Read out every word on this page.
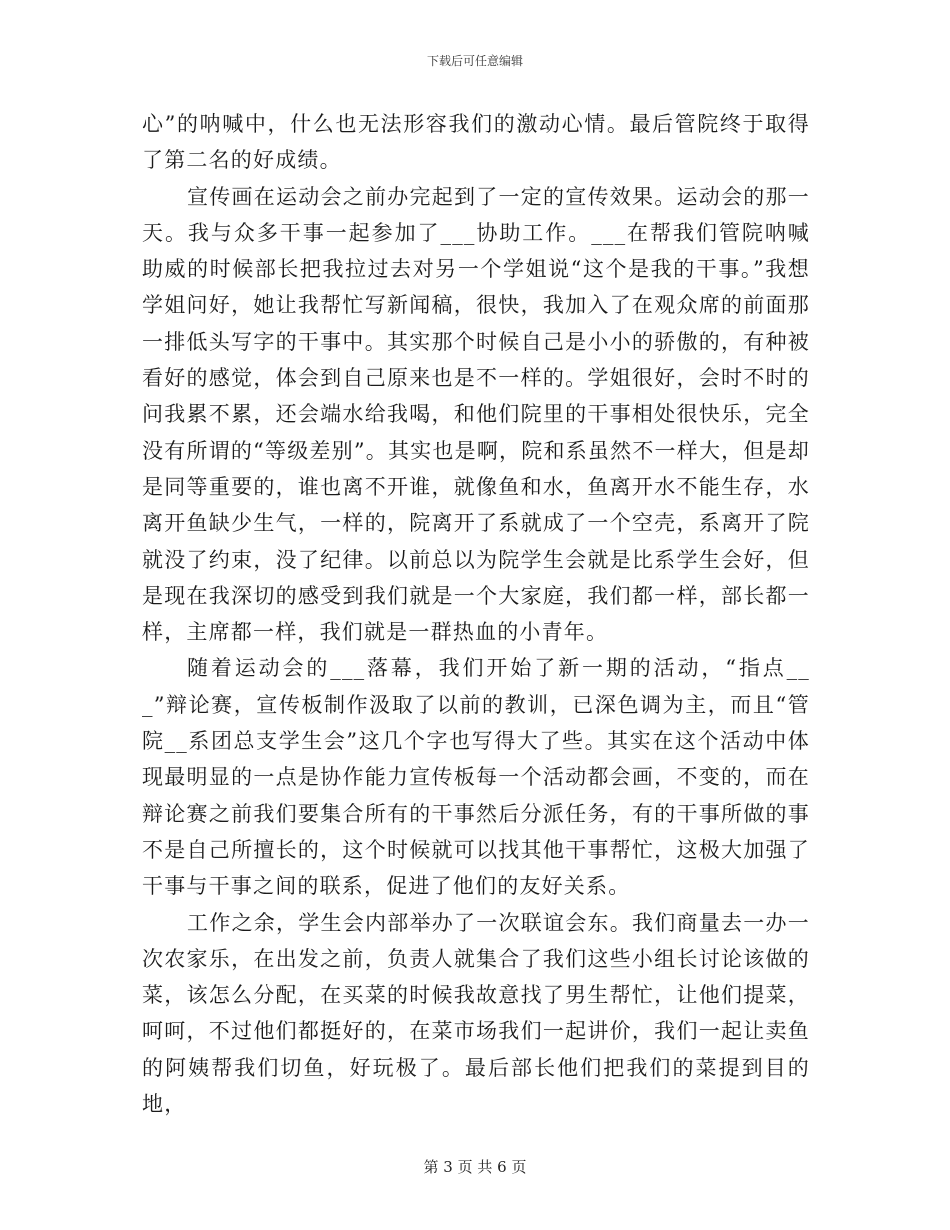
下载后可任意编辑

心”的呐喊中，什么也无法形容我们的激动心情。最后管院终于取得了第二名的好成绩。

宣传画在运动会之前办完起到了一定的宣传效果。运动会的那一天。我与众多干事一起参加了___协助工作。___在帮我们管院呐喊助威的时候部长把我拉过去对另一个学姐说“这个是我的干事。”我想学姐问好，她让我帮忙写新闻稿，很快，我加入了在观众席的前面那一排低头写字的干事中。其实那个时候自己是小小的骄傲的，有种被看好的感觉，体会到自己原来也是不一样的。学姐很好，会时不时的问我累不累，还会端水给我喝，和他们院里的干事相处很快乐，完全没有所谓的“等级差别”。其实也是啊，院和系虽然不一样大，但是却是同等重要的，谁也离不开谁，就像鱼和水，鱼离开水不能生存，水离开鱼缺少生气，一样的，院离开了系就成了一个空壳，系离开了院就没了约束，没了纪律。以前总以为院学生会就是比系学生会好，但是现在我深切的感受到我们就是一个大家庭，我们都一样，部长都一样，主席都一样，我们就是一群热血的小青年。

随着运动会的___落幕，我们开始了新一期的活动，“指点___”辩论赛，宣传板制作汲取了以前的教训，已深色调为主，而且“管院__系团总支学生会”这几个字也写得大了些。其实在这个活动中体现最明显的一点是协作能力宣传板每一个活动都会画，不变的，而在辩论赛之前我们要集合所有的干事然后分派任务，有的干事所做的事不是自己所擅长的，这个时候就可以找其他干事帮忙，这极大加强了干事与干事之间的联系，促进了他们的友好关系。

工作之余，学生会内部举办了一次联谊会东。我们商量去一办一次农家乐，在出发之前，负责人就集合了我们这些小组长讨论该做的菜，该怎么分配，在买菜的时候我故意找了男生帮忙，让他们提菜，呵呵，不过他们都挺好的，在菜市场我们一起讲价，我们一起让卖鱼的阿姨帮我们切鱼，好玩极了。最后部长他们把我们的菜提到目的地，

第 3 页 共 6 页
